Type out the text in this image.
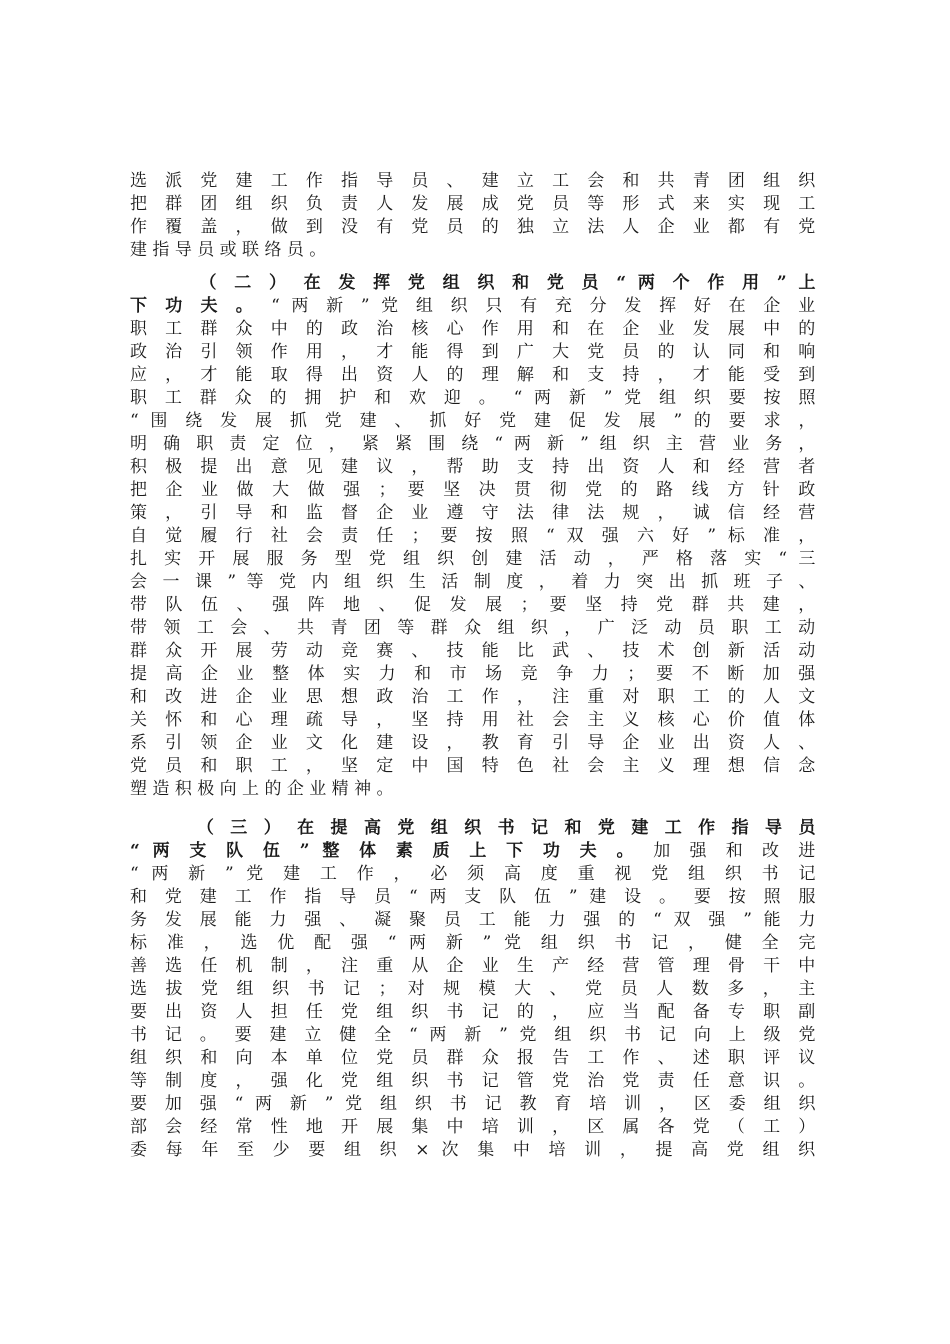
选 派 党 建 工 作 指 导 员 、 建 立 工 会 和 共 青 团 组 织
把 群 团 组 织 负 责 人 发 展 成 党 员 等 形 式 来 实 现 工
作 覆 盖 ， 做 到 没 有 党 员 的 独 立 法 人 企 业 都 有 党
建 指 导 员 或 联 络 员 。
　 　 （ 二 ） 在 发 挥 党 组 织 和 党 员 “ 两 个 作 用 ” 上
下 功 夫 。 “ 两 新 ” 党 组 织 只 有 充 分 发 挥 好 在 企 业
职 工 群 众 中 的 政 治 核 心 作 用 和 在 企 业 发 展 中 的
政 治 引 领 作 用 ， 才 能 得 到 广 大 党 员 的 认 同 和 响
应 ， 才 能 取 得 出 资 人 的 理 解 和 支 持 ， 才 能 受 到
职 工 群 众 的 拥 护 和 欢 迎 。 “ 两 新 ” 党 组 织 要 按 照
“ 围 绕 发 展 抓 党 建 、 抓 好 党 建 促 发 展 ” 的 要 求 ，
明 确 职 责 定 位 ， 紧 紧 围 绕 “ 两 新 ” 组 织 主 营 业 务 ，
积 极 提 出 意 见 建 议 ， 帮 助 支 持 出 资 人 和 经 营 者
把 企 业 做 大 做 强 ； 要 坚 决 贯 彻 党 的 路 线 方 针 政
策 ， 引 导 和 监 督 企 业 遵 守 法 律 法 规 ， 诚 信 经 营
自 觉 履 行 社 会 责 任 ； 要 按 照 “ 双 强 六 好 ” 标 准 ，
扎 实 开 展 服 务 型 党 组 织 创 建 活 动 ， 严 格 落 实 “ 三
会 一 课 ” 等 党 内 组 织 生 活 制 度 ， 着 力 突 出 抓 班 子 、
带 队 伍 、 强 阵 地 、 促 发 展 ； 要 坚 持 党 群 共 建 ，
带 领 工 会 、 共 青 团 等 群 众 组 织 ， 广 泛 动 员 职 工 动
群 众 开 展 劳 动 竞 赛 、 技 能 比 武 、 技 术 创 新 活 动
提 高 企 业 整 体 实 力 和 市 场 竞 争 力 ； 要 不 断 加 强
和 改 进 企 业 思 想 政 治 工 作 ， 注 重 对 职 工 的 人 文
关 怀 和 心 理 疏 导 ， 坚 持 用 社 会 主 义 核 心 价 值 体
系 引 领 企 业 文 化 建 设 ， 教 育 引 导 企 业 出 资 人 、
党 员 和 职 工 ， 坚 定 中 国 特 色 社 会 主 义 理 想 信 念
塑 造 积 极 向 上 的 企 业 精 神 。
　 　 （ 三 ） 在 提 高 党 组 织 书 记 和 党 建 工 作 指 导 员
“ 两 支 队 伍 ” 整 体 素 质 上 下 功 夫 。 加 强 和 改 进
“ 两 新 ” 党 建 工 作 ， 必 须 高 度 重 视 党 组 织 书 记
和 党 建 工 作 指 导 员 “ 两 支 队 伍 ” 建 设 。 要 按 照 服
务 发 展 能 力 强 、 凝 聚 员 工 能 力 强 的 “ 双 强 ” 能 力
标 准 ， 选 优 配 强 “ 两 新 ” 党 组 织 书 记 ， 健 全 完
善 选 任 机 制 ， 注 重 从 企 业 生 产 经 营 管 理 骨 干 中
选 拔 党 组 织 书 记 ； 对 规 模 大 、 党 员 人 数 多 ， 主
要 出 资 人 担 任 党 组 织 书 记 的 ， 应 当 配 备 专 职 副
书 记 。 要 建 立 健 全 “ 两 新 ” 党 组 织 书 记 向 上 级 党
组 织 和 向 本 单 位 党 员 群 众 报 告 工 作 、 述 职 评 议
等 制 度 ， 强 化 党 组 织 书 记 管 党 治 党 责 任 意 识 。
要 加 强 “ 两 新 ” 党 组 织 书 记 教 育 培 训 ， 区 委 组 织
部 会 经 常 性 地 开 展 集 中 培 训 ， 区 属 各 党 （ 工 ）
委 每 年 至 少 要 组 织 × 次 集 中 培 训 ， 提 高 党 组 织
